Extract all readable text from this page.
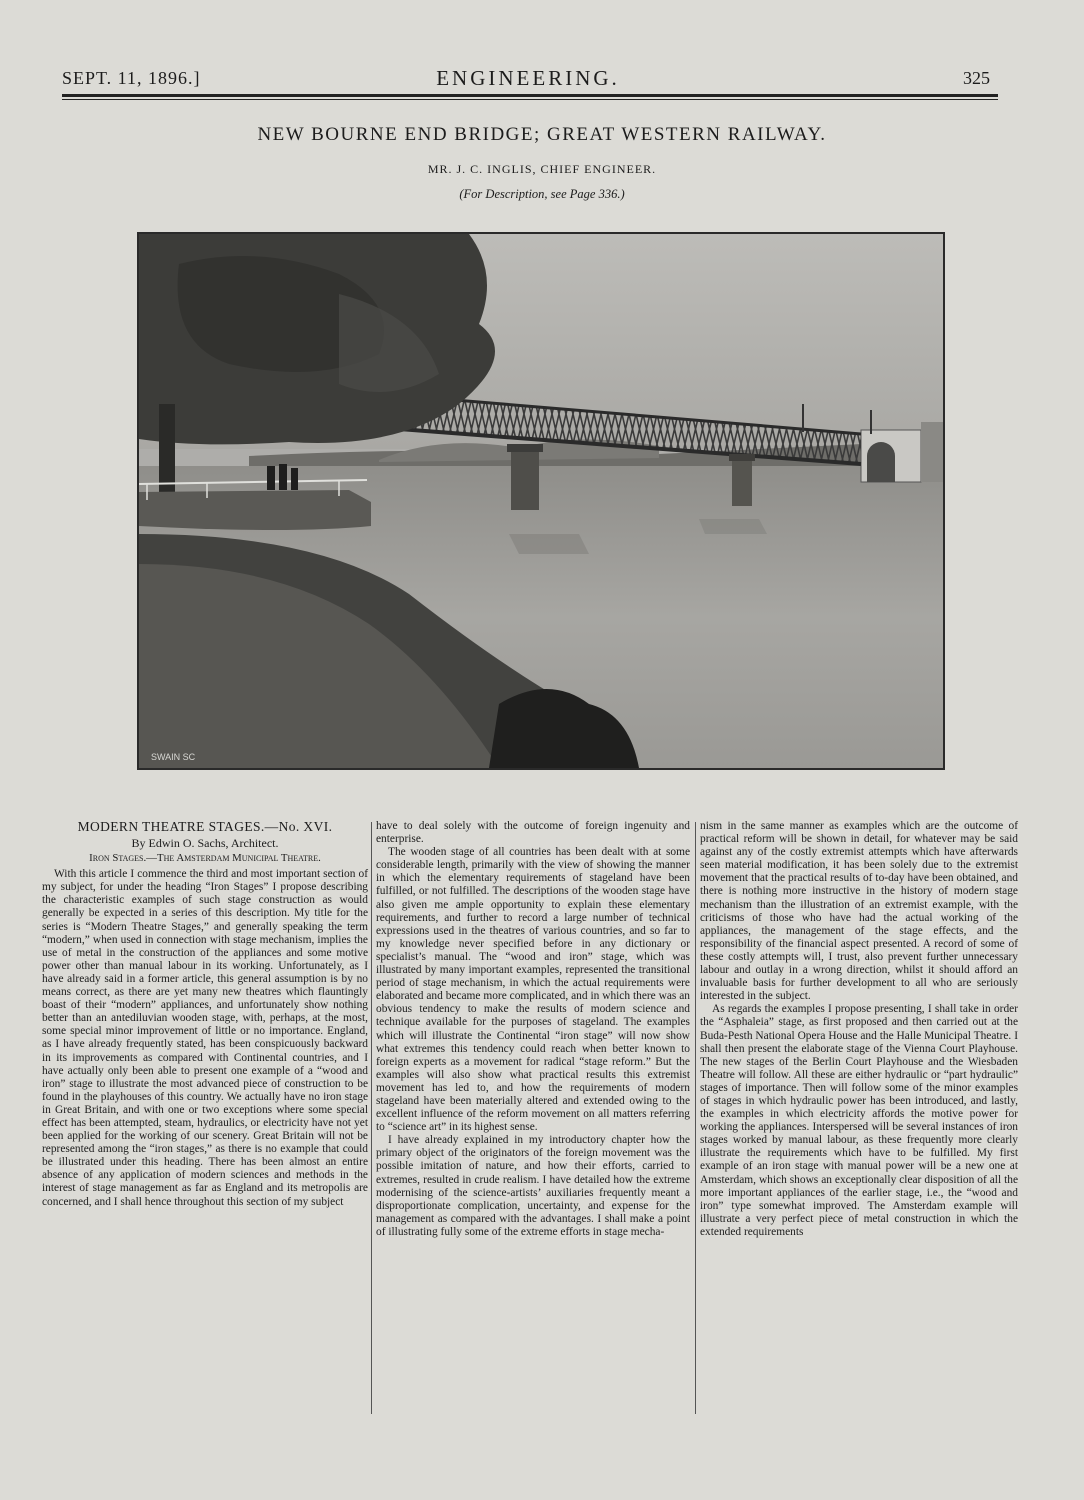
SEPT. 11, 1896.]	ENGINEERING.	325
NEW BOURNE END BRIDGE; GREAT WESTERN RAILWAY.
MR. J. C. INGLIS, CHIEF ENGINEER.
(For Description, see Page 336.)
SWAIN SC
MODERN THEATRE STAGES.—No. XVI.
By Edwin O. Sachs, Architect.
Iron Stages.—The Amsterdam Municipal Theatre.

With this article I commence the third and most important section of my subject, for under the heading “Iron Stages” I propose describing the characteristic examples of such stage construction as would generally be expected in a series of this description. My title for the series is “Modern Theatre Stages,” and generally speaking the term “modern,” when used in connection with stage mechanism, implies the use of metal in the construction of the appliances and some motive power other than manual labour in its working. Unfortunately, as I have already said in a former article, this general assumption is by no means correct, as there are yet many new theatres which flauntingly boast of their “modern” appliances, and unfortunately show nothing better than an antediluvian wooden stage, with, perhaps, at the most, some special minor improvement of little or no importance. England, as I have already frequently stated, has been conspicuously backward in its improvements as compared with Continental countries, and I have actually only been able to present one example of a “wood and iron” stage to illustrate the most advanced piece of construction to be found in the playhouses of this country. We actually have no iron stage in Great Britain, and with one or two exceptions where some special effect has been attempted, steam, hydraulics, or electricity have not yet been applied for the working of our scenery. Great Britain will not be represented among the “iron stages,” as there is no example that could be illustrated under this heading. There has been almost an entire absence of any application of modern sciences and methods in the interest of stage management as far as England and its metropolis are concerned, and I shall hence throughout this section of my subject

have to deal solely with the outcome of foreign ingenuity and enterprise.

The wooden stage of all countries has been dealt with at some considerable length, primarily with the view of showing the manner in which the elementary requirements of stageland have been fulfilled, or not fulfilled. The descriptions of the wooden stage have also given me ample opportunity to explain these elementary requirements, and further to record a large number of technical expressions used in the theatres of various countries, and so far to my knowledge never specified before in any dictionary or specialist’s manual. The “wood and iron” stage, which was illustrated by many important examples, represented the transitional period of stage mechanism, in which the actual requirements were elaborated and became more complicated, and in which there was an obvious tendency to make the results of modern science and technique available for the purposes of stageland. The examples which will illustrate the Continental “iron stage” will now show what extremes this tendency could reach when better known to foreign experts as a movement for radical “stage reform.” But the examples will also show what practical results this extremist movement has led to, and how the requirements of modern stageland have been materially altered and extended owing to the excellent influence of the reform movement on all matters referring to “science art” in its highest sense.

I have already explained in my introductory chapter how the primary object of the originators of the foreign movement was the possible imitation of nature, and how their efforts, carried to extremes, resulted in crude realism. I have detailed how the extreme modernising of the science-artists’ auxiliaries frequently meant a disproportionate complication, uncertainty, and expense for the management as compared with the advantages. I shall make a point of illustrating fully some of the extreme efforts in stage mecha-

nism in the same manner as examples which are the outcome of practical reform will be shown in detail, for whatever may be said against any of the costly extremist attempts which have afterwards seen material modification, it has been solely due to the extremist movement that the practical results of to-day have been obtained, and there is nothing more instructive in the history of modern stage mechanism than the illustration of an extremist example, with the criticisms of those who have had the actual working of the appliances, the management of the stage effects, and the responsibility of the financial aspect presented. A record of some of these costly attempts will, I trust, also prevent further unnecessary labour and outlay in a wrong direction, whilst it should afford an invaluable basis for further development to all who are seriously interested in the subject.

As regards the examples I propose presenting, I shall take in order the “Asphaleia” stage, as first proposed and then carried out at the Buda-Pesth National Opera House and the Halle Municipal Theatre. I shall then present the elaborate stage of the Vienna Court Playhouse. The new stages of the Berlin Court Playhouse and the Wiesbaden Theatre will follow. All these are either hydraulic or “part hydraulic” stages of importance. Then will follow some of the minor examples of stages in which hydraulic power has been introduced, and lastly, the examples in which electricity affords the motive power for working the appliances. Interspersed will be several instances of iron stages worked by manual labour, as these frequently more clearly illustrate the requirements which have to be fulfilled. My first example of an iron stage with manual power will be a new one at Amsterdam, which shows an exceptionally clear disposition of all the more important appliances of the earlier stage, i.e., the “wood and iron” type somewhat improved. The Amsterdam example will illustrate a very perfect piece of metal construction in which the extended requirements
